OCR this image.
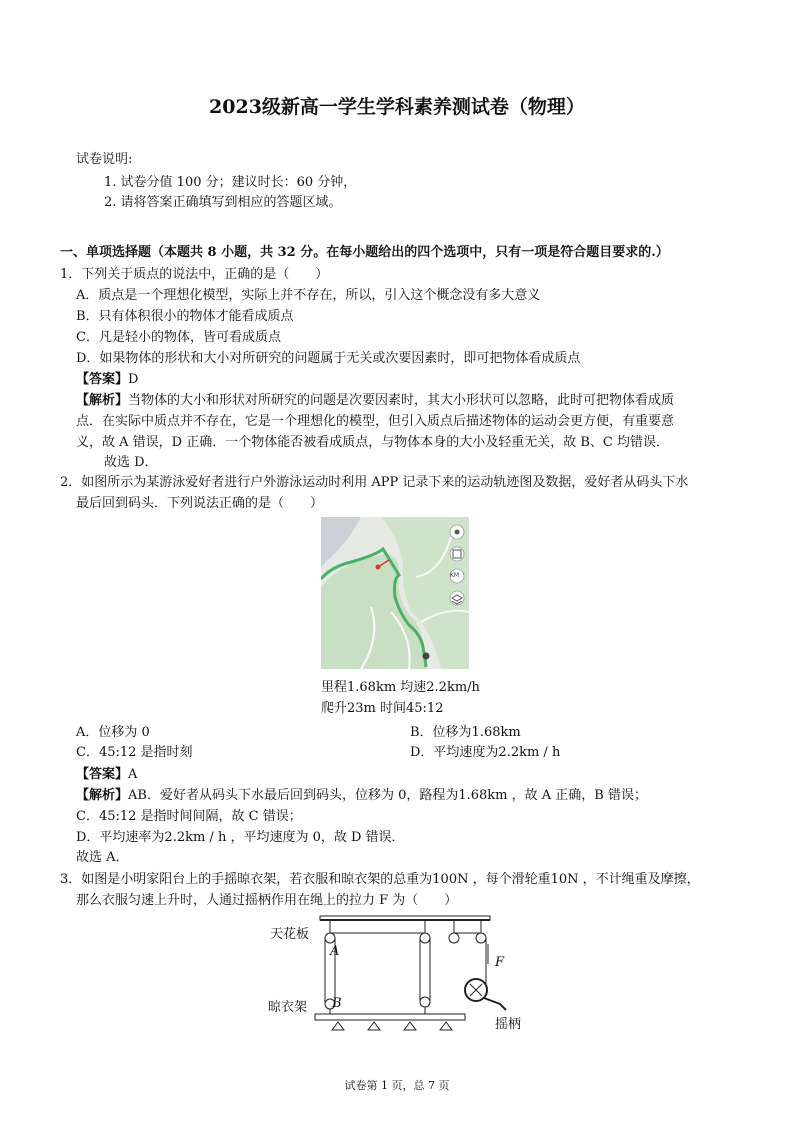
2023级新高一学生学科素养测试卷（物理）
试卷说明:
1. 试卷分值 100 分；建议时长：60 分钟，
2. 请将答案正确填写到相应的答题区域。
一、单项选择题（本题共 8 小题，共 32 分。在每小题给出的四个选项中，只有一项是符合题目要求的.）
1．下列关于质点的说法中，正确的是（　　）
A．质点是一个理想化模型，实际上并不存在，所以，引入这个概念没有多大意义
B．只有体积很小的物体才能看成质点
C．凡是轻小的物体，皆可看成质点
D．如果物体的形状和大小对所研究的问题属于无关或次要因素时，即可把物体看成质点
【答案】D
【解析】当物体的大小和形状对所研究的问题是次要因素时，其大小形状可以忽略，此时可把物体看成质
点．在实际中质点并不存在，它是一个理想化的模型，但引入质点后描述物体的运动会更方便，有重要意
义，故 A 错误，D 正确．一个物体能否被看成质点，与物体本身的大小及轻重无关，故 B、C 均错误．
故选 D．
2．如图所示为某游泳爱好者进行户外游泳运动时利用 APP 记录下来的运动轨迹图及数据，爱好者从码头下水
最后回到码头．下列说法正确的是（　　）
KM
里程1.68km 均速2.2km/h
爬升23m 时间45:12
A．位移为 0	B．位移为1.68km
C．45:12 是指时刻	D．平均速度为2.2km / h
【答案】A
【解析】AB．爱好者从码头下水最后回到码头，位移为 0，路程为1.68km ，故 A 正确，B 错误；
C．45:12 是指时间间隔，故 C 错误；
D．平均速率为2.2km / h ，平均速度为 0，故 D 错误．
故选 A．
3．如图是小明家阳台上的手摇晾衣架，若衣服和晾衣架的总重为100N ，每个滑轮重10N ，不计绳重及摩擦，
那么衣服匀速上升时，人通过摇柄作用在绳上的拉力 F 为（　　）
天花板
A
F
晾衣架 B
摇柄
试卷第 1 页，总 7 页
